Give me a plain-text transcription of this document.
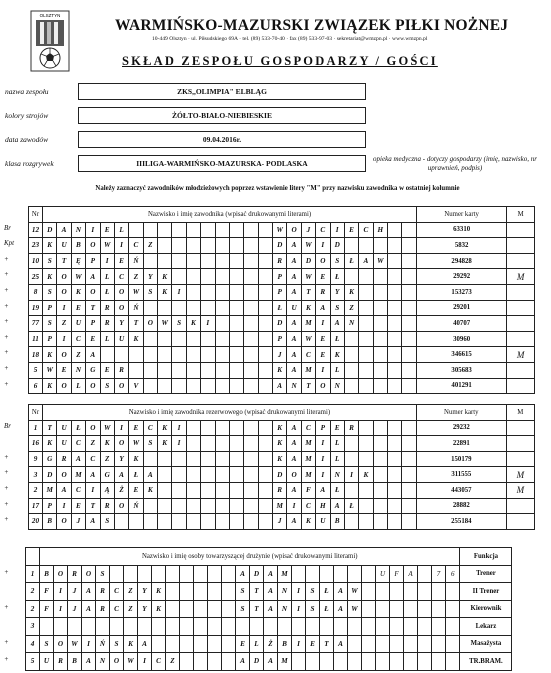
OLSZTYN
WARMIŃSKO-MAZURSKI ZWIĄZEK PIŁKI NOŻNEJ
10-449 Olsztyn · ul. Piłsudskiego 69A · tel. (89) 533-70-40 · fax (89) 533-97-03 · sekretariat@wmzpn.pl · www.wmzpn.pl
SKŁAD ZESPOŁU GOSPODARZY / GOŚCI
nazwa zespołu	ZKS,,OLIMPIA" ELBLĄG
kolory strojów	ŻÓŁTO-BIAŁO-NIEBIESKIE
data zawodów	09.04.2016r.
klasa rozgrywek	IIILIGA-WARMIŃSKO-MAZURSKA- PODLASKA	opieka medyczna - dotyczy gospodarzy (imię, nazwisko, nr uprawnień, podpis)
Należy zaznaczyć zawodników młodzieżowych poprzez wstawienie litery "M" przy nazwisku zawodnika w ostatniej kolumnie
Br
Kpt
+
+
+
+
+
+
+
+
+
Nr	Nazwisko i imię zawodnika (wpisać drukowanymi literami)																										Numer karty	M
12	D	A	N	I	E	L											W	O	J	C	I	E	C	H			63310	
23	K	U	B	O	W	I	C	Z									D	A	W	I	D						5832	
10	S	T	Ę	P	I	E	Ń										R	A	D	O	S	Ł	A	W			294828	
25	K	O	W	A	L	C	Z	Y	K								P	A	W	E	Ł						29292	M
8	S	O	K	O	Ł	O	W	S	K	I							P	A	T	R	Y	K					153273	
19	P	I	E	T	R	O	Ń										Ł	U	K	A	S	Z					29201	
77	S	Z	U	P	R	Y	T	O	W	S	K	I					D	A	M	I	A	N					40707	
11	P	I	C	E	L	U	K										P	A	W	E	Ł						30960	
18	K	O	Z	A													J	A	C	E	K						346615	M
5	W	E	N	G	E	R											K	A	M	I	L						305683	
6	K	O	L	O	S	O	V										A	N	T	O	N						401291	
Br
+
+
+
+
+
Nr	Nazwisko i imię zawodnika rezerwowego (wpisać drukowanymi literami)																										Numer karty	M
1	T	U	Ł	O	W	I	E	C	K	I							K	A	C	P	E	R					29232	
16	K	U	C	Z	K	O	W	S	K	I							K	A	M	I	L						22891	
9	G	R	A	C	Z	Y	K										K	A	M	I	L						150179	
3	D	O	M	A	G	A	Ł	A									D	O	M	I	N	I	K				311555	M
2	M	A	C	I	Ą	Ż	E	K									R	A	F	A	Ł						443057	M
17	P	I	E	T	R	O	Ń										M	I	C	H	A	Ł					28882	
20	B	O	J	A	S												J	A	K	U	B						255184	
+
+
+
+
	Nazwisko i imię osoby towarzyszącej drużynie (wpisać drukowanymi literami)																														Funkcja
1	B	O	R	O	S										A	D	A	M							U	F	A		7	6	Trener
2	F	I	J	A	R	C	Z	Y	K						S	T	A	N	I	S	Ł	A	W								II Trener
2	F	I	J	A	R	C	Z	Y	K						S	T	A	N	I	S	Ł	A	W								Kierownik
3																															Lekarz
4	S	O	W	I	Ń	S	K	A							E	L	Ż	B	I	E	T	A									Masażysta
5	U	R	B	A	N	O	W	I	C	Z					A	D	A	M													TR.BRAM.
